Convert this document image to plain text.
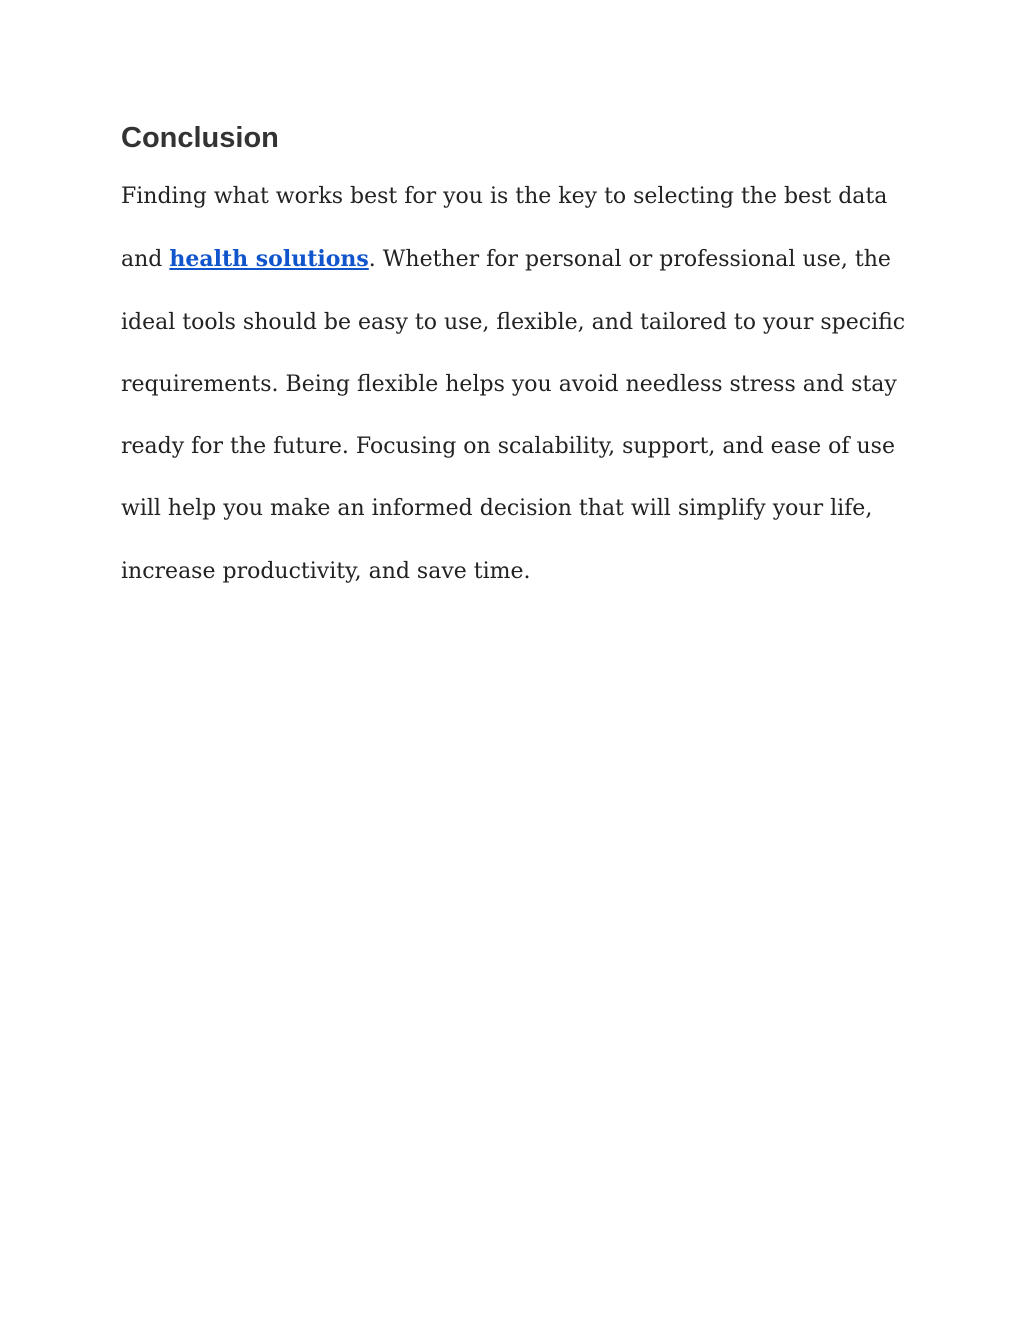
Conclusion

Finding what works best for you is the key to selecting the best data
and health solutions. Whether for personal or professional use, the
ideal tools should be easy to use, flexible, and tailored to your specific
requirements. Being flexible helps you avoid needless stress and stay
ready for the future. Focusing on scalability, support, and ease of use
will help you make an informed decision that will simplify your life,
increase productivity, and save time.
